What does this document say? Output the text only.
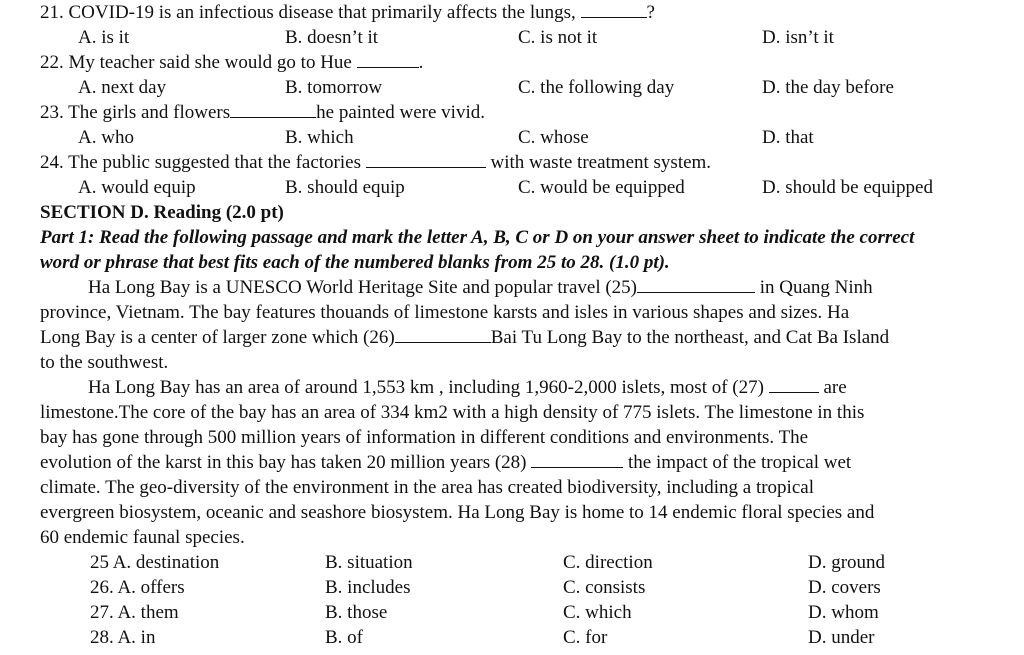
21. COVID-19 is an infectious disease that primarily affects the lungs,	?
A. is it	B. doesn’t it	C. is not it	D. isn’t it
22. My teacher said she would go to Hue	.
A. next day	B. tomorrow	C. the following day	D. the day before
23. The girls and flowers	he painted were vivid.
A. who	B. which	C. whose	D. that
24. The public suggested that the factories	with waste treatment system.
A. would equip	B. should equip	C. would be equipped	D. should be equipped
SECTION D. Reading (2.0 pt)
Part 1: Read the following passage and mark the letter A, B, C or D on your answer sheet to indicate the correct
word or phrase that best fits each of the numbered blanks from 25 to 28. (1.0 pt).
Ha Long Bay is a UNESCO World Heritage Site and popular travel (25)	in Quang Ninh
province, Vietnam. The bay features thouands of limestone karsts and isles in various shapes and sizes. Ha
Long Bay is a center of larger zone which (26)	Bai Tu Long Bay to the northeast, and Cat Ba Island
to the southwest.
Ha Long Bay has an area of around 1,553 km , including 1,960-2,000 islets, most of (27)	are
limestone.The core of the bay has an area of 334 km2 with a high density of 775 islets. The limestone in this
bay has gone through 500 million years of information in different conditions and environments. The
evolution of the karst in this bay has taken 20 million years (28)	the impact of the tropical wet
climate. The geo-diversity of the environment in the area has created biodiversity, including a tropical
evergreen biosystem, oceanic and seashore biosystem. Ha Long Bay is home to 14 endemic floral species and
60 endemic faunal species.
25 A. destination	B. situation	C. direction	D. ground
26. A. offers	B. includes	C. consists	D. covers
27. A. them	B. those	C. which	D. whom
28. A. in	B. of	C. for	D. under
